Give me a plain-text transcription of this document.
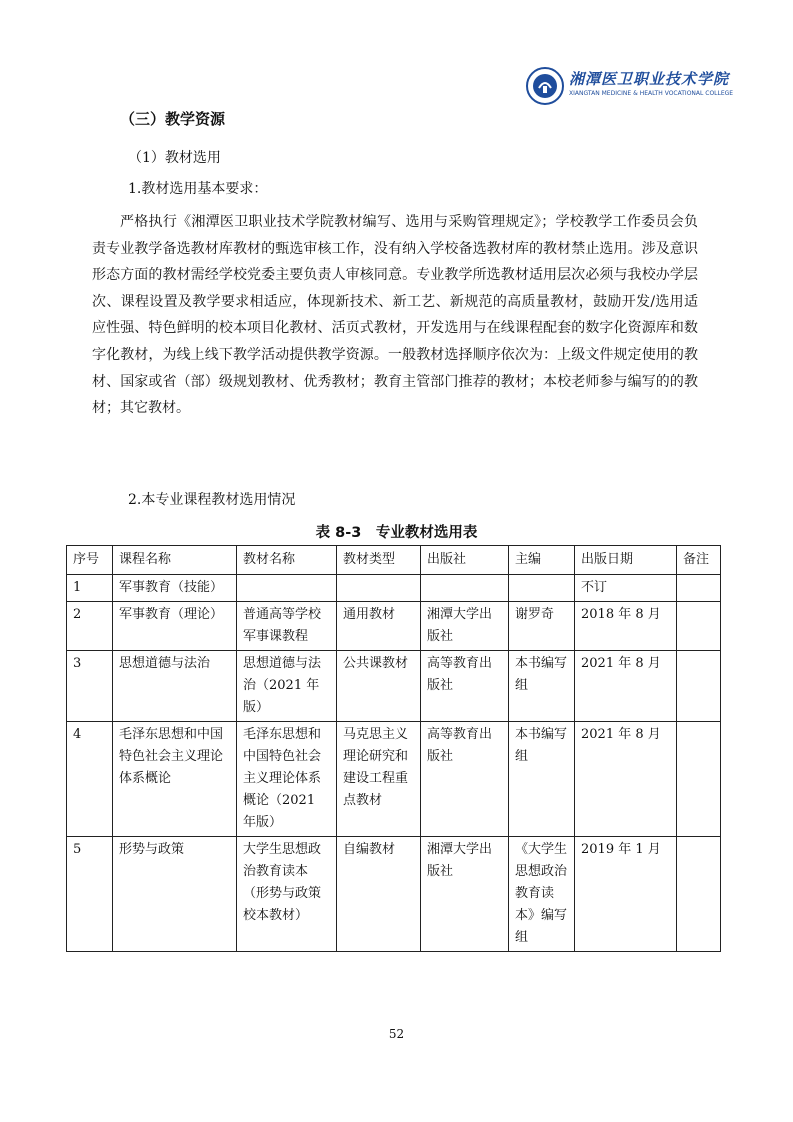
湘潭医卫职业技术学院
XIANGTAN MEDICINE & HEALTH VOCATIONAL COLLEGE
（三）教学资源
（1）教材选用
1.教材选用基本要求：
严格执行《湘潭医卫职业技术学院教材编写、选用与采购管理规定》；学校教学工作委员会负责专业教学备选教材库教材的甄选审核工作，没有纳入学校备选教材库的教材禁止选用。涉及意识形态方面的教材需经学校党委主要负责人审核同意。专业教学所选教材适用层次必须与我校办学层次、课程设置及教学要求相适应，体现新技术、新工艺、新规范的高质量教材，鼓励开发/选用适应性强、特色鲜明的校本项目化教材、活页式教材，开发选用与在线课程配套的数字化资源库和数字化教材，为线上线下教学活动提供教学资源。一般教材选择顺序依次为：上级文件规定使用的教材、国家或省（部）级规划教材、优秀教材；教育主管部门推荐的教材；本校老师参与编写的的教材；其它教材。
2.本专业课程教材选用情况
表 8-3　专业教材选用表
序号	课程名称	教材名称	教材类型	出版社	主编	出版日期	备注
1	军事教育（技能）					不订	
2	军事教育（理论）	普通高等学校军事课教程	通用教材	湘潭大学出版社	谢罗奇	2018 年 8 月	
3	思想道德与法治	思想道德与法治（2021 年版）	公共课教材	高等教育出版社	本书编写组	2021 年 8 月	
4	毛泽东思想和中国特色社会主义理论体系概论	毛泽东思想和中国特色社会主义理论体系概论（2021 年版）	马克思主义理论研究和建设工程重点教材	高等教育出版社	本书编写组	2021 年 8 月	
5	形势与政策	大学生思想政治教育读本（形势与政策校本教材）	自编教材	湘潭大学出版社	《大学生思想政治教育读本》编写组	2019 年 1 月	
52
